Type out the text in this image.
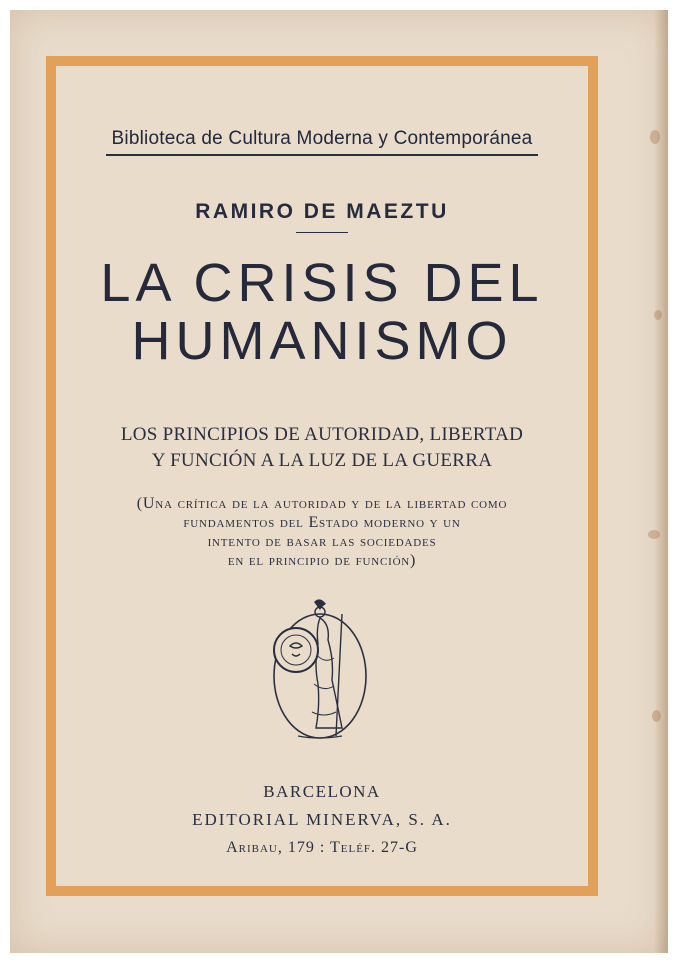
Biblioteca de Cultura Moderna y Contemporánea
RAMIRO DE MAEZTU
LA CRISIS DEL
HUMANISMO
LOS PRINCIPIOS DE AUTORIDAD, LIBERTAD
Y FUNCIÓN A LA LUZ DE LA GUERRA
(Una crítica de la autoridad y de la libertad como
fundamentos del Estado moderno y un
intento de basar las sociedades
en el principio de función)
BARCELONA
EDITORIAL MINERVA, S. A.
Aribau, 179 : Teléf. 27-G
